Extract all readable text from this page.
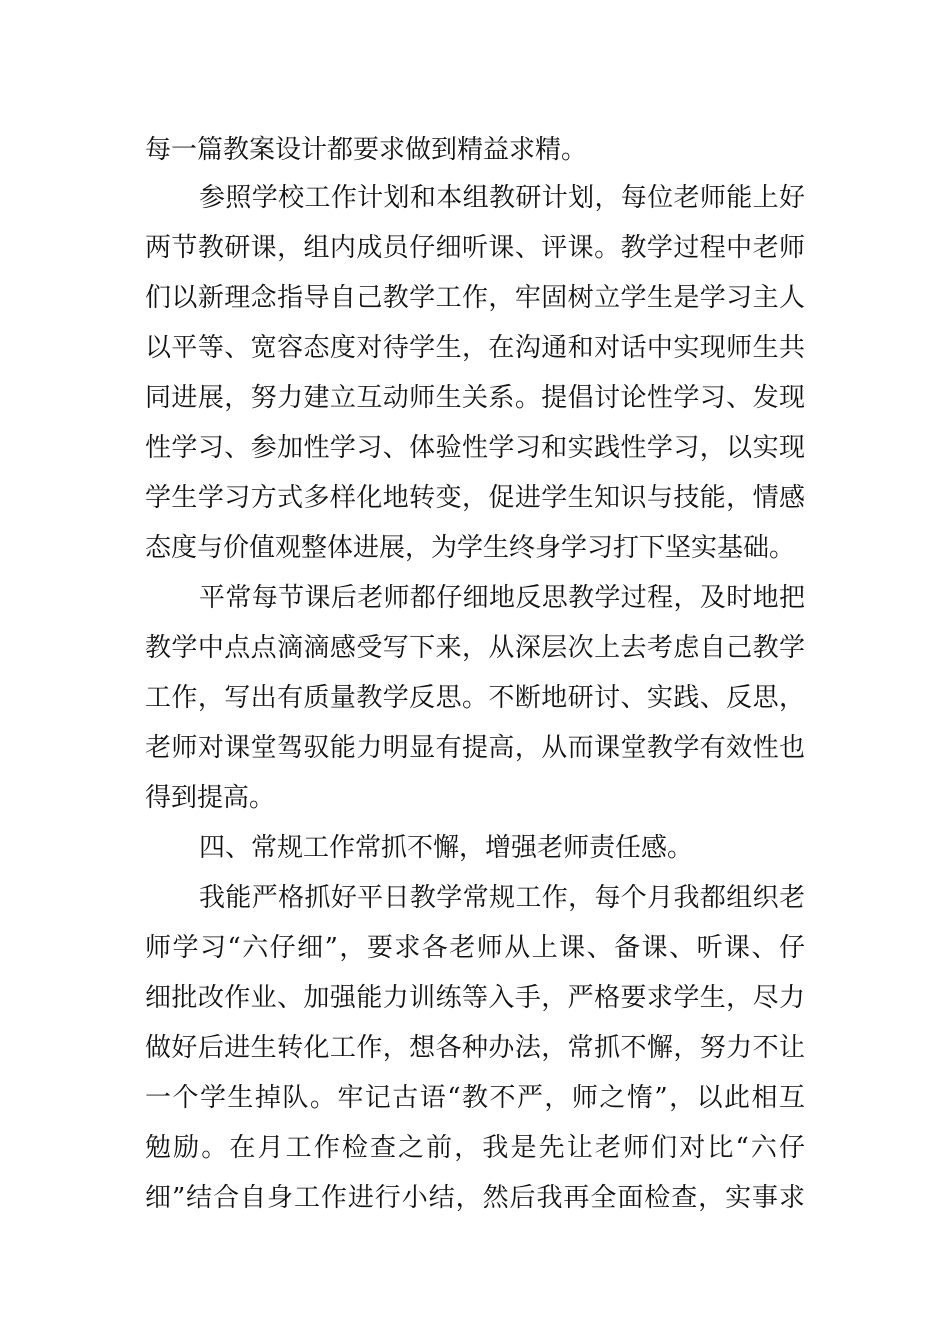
每一篇教案设计都要求做到精益求精。
参照学校工作计划和本组教研计划，每位老师能上好
两节教研课，组内成员仔细听课、评课。教学过程中老师
们以新理念指导自己教学工作，牢固树立学生是学习主人
以平等、宽容态度对待学生，在沟通和对话中实现师生共
同进展，努力建立互动师生关系。提倡讨论性学习、发现
性学习、参加性学习、体验性学习和实践性学习，以实现
学生学习方式多样化地转变，促进学生知识与技能，情感
态度与价值观整体进展，为学生终身学习打下坚实基础。
平常每节课后老师都仔细地反思教学过程，及时地把
教学中点点滴滴感受写下来，从深层次上去考虑自己教学
工作，写出有质量教学反思。不断地研讨、实践、反思，
老师对课堂驾驭能力明显有提高，从而课堂教学有效性也
得到提高。
四、常规工作常抓不懈，增强老师责任感。
我能严格抓好平日教学常规工作，每个月我都组织老
师学习“六仔细”，要求各老师从上课、备课、听课、仔
细批改作业、加强能力训练等入手，严格要求学生，尽力
做好后进生转化工作，想各种办法，常抓不懈，努力不让
一个学生掉队。牢记古语“教不严，师之惰”，以此相互
勉励。在月工作检查之前，我是先让老师们对比“六仔
细”结合自身工作进行小结，然后我再全面检查，实事求
